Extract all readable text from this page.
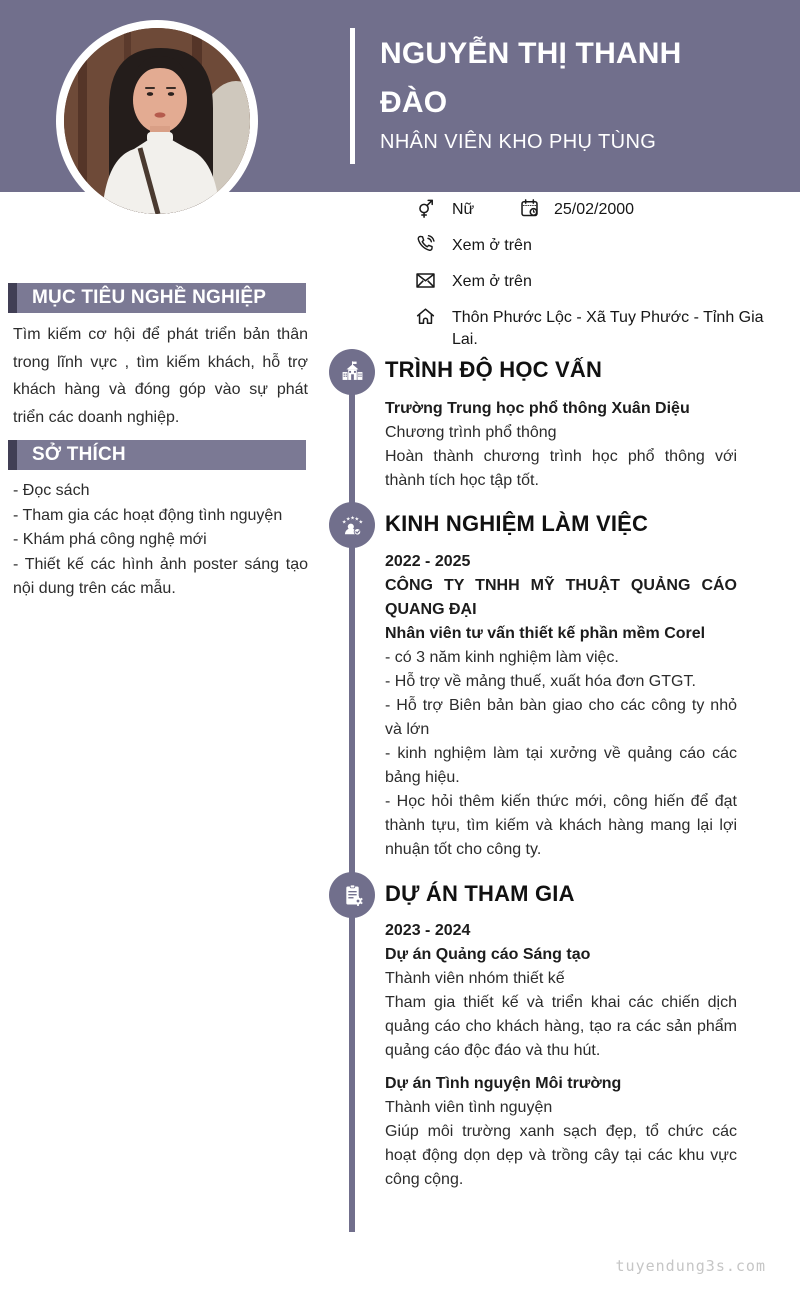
NGUYỄN THỊ THANH
ĐÀO
NHÂN VIÊN KHO PHỤ TÙNG
Nữ	25/02/2000
Xem ở trên
Xem ở trên
Thôn Phước Lộc - Xã Tuy Phước - Tỉnh Gia Lai.
MỤC TIÊU NGHỀ NGHIỆP
Tìm kiếm cơ hội để phát triển bản thân trong lĩnh vực , tìm kiếm khách, hỗ trợ khách hàng và đóng góp vào sự phát triển các doanh nghiệp.
SỞ THÍCH

- Đọc sách

- Tham gia các hoạt động tình nguyện

- Khám phá công nghệ mới

- Thiết kế các hình ảnh poster sáng tạo nội dung trên các mẫu.

★ ★ ★ ★ ★
TRÌNH ĐỘ HỌC VẤN
Trường Trung học phổ thông Xuân Diệu
Chương trình phổ thông
Hoàn thành chương trình học phổ thông với thành tích học tập tốt.
KINH NGHIỆM LÀM VIỆC
2022 - 2025
CÔNG TY TNHH MỸ THUẬT QUẢNG CÁO QUANG ĐẠI
Nhân viên tư vấn thiết kế phần mềm Corel

- có 3 năm kinh nghiệm làm việc.

- Hỗ trợ về mảng thuế, xuất hóa đơn GTGT.

- Hỗ trợ Biên bản bàn giao cho các công ty nhỏ và lớn

- kinh nghiệm làm tại xưởng về quảng cáo các bảng hiệu.

- Học hỏi thêm kiến thức mới, công hiến để đạt thành tựu, tìm kiếm và khách hàng mang lại lợi nhuận tốt cho công ty.

DỰ ÁN THAM GIA
2023 - 2024
Dự án Quảng cáo Sáng tạo
Thành viên nhóm thiết kế
Tham gia thiết kế và triển khai các chiến dịch quảng cáo cho khách hàng, tạo ra các sản phẩm quảng cáo độc đáo và thu hút.
Dự án Tình nguyện Môi trường
Thành viên tình nguyện
Giúp môi trường xanh sạch đẹp, tổ chức các hoạt động dọn dẹp và trồng cây tại các khu vực công cộng.
tuyendung3s.com
